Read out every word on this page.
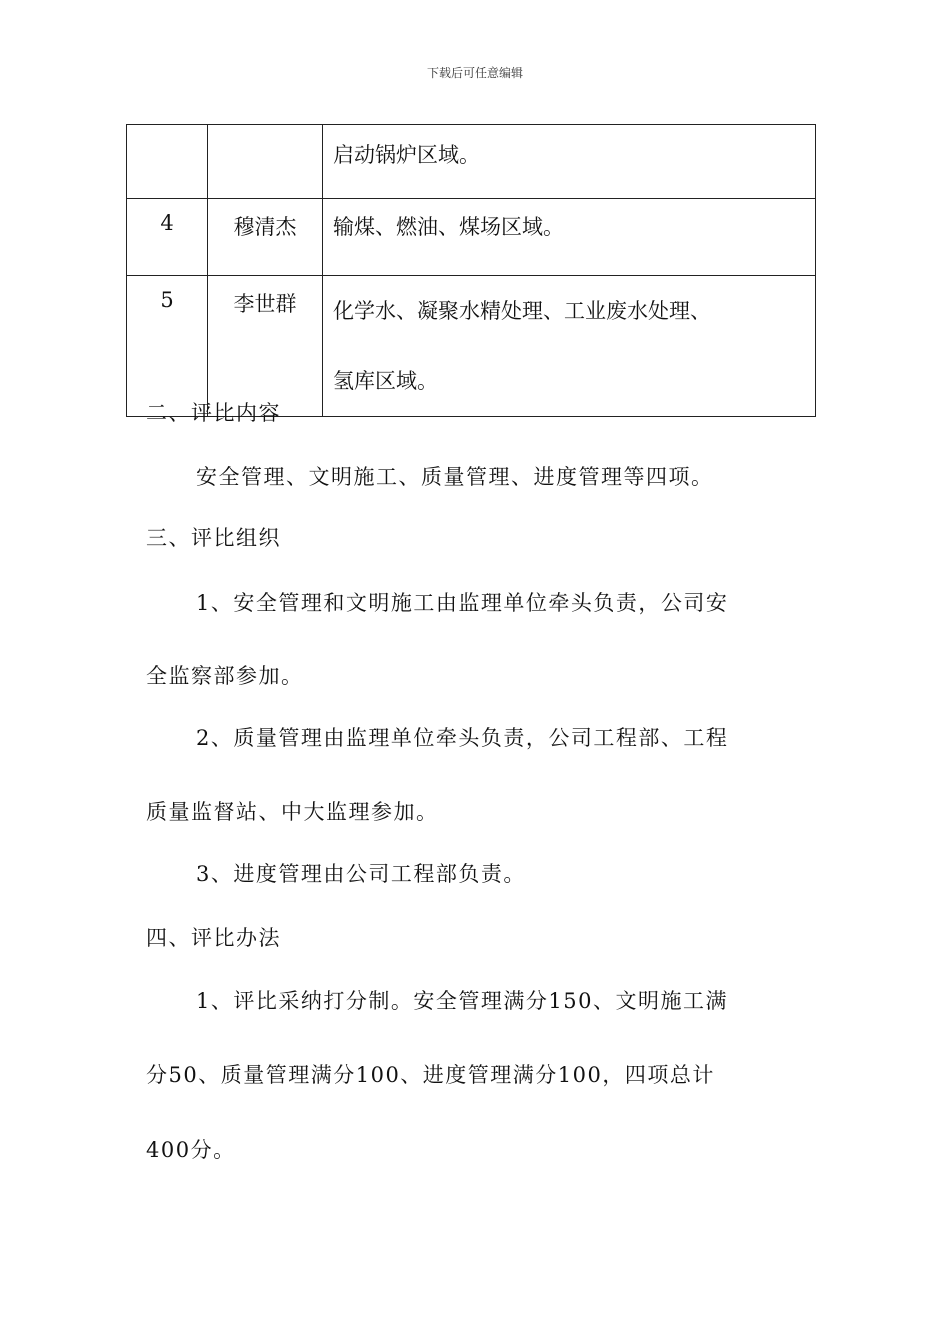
下载后可任意编辑
		启动锅炉区域。
4	穆清杰	输煤、燃油、煤场区域。
5	李世群	化学水、凝聚水精处理、工业废水处理、
氢库区域。
二、评比内容
安全管理、文明施工、质量管理、进度管理等四项。
三、评比组织
1、安全管理和文明施工由监理单位牵头负责，公司安
全监察部参加。
2、质量管理由监理单位牵头负责，公司工程部、工程
质量监督站、中大监理参加。
3、进度管理由公司工程部负责。
四、评比办法
1、评比采纳打分制。安全管理满分150、文明施工满
分50、质量管理满分100、进度管理满分100，四项总计
400分。
